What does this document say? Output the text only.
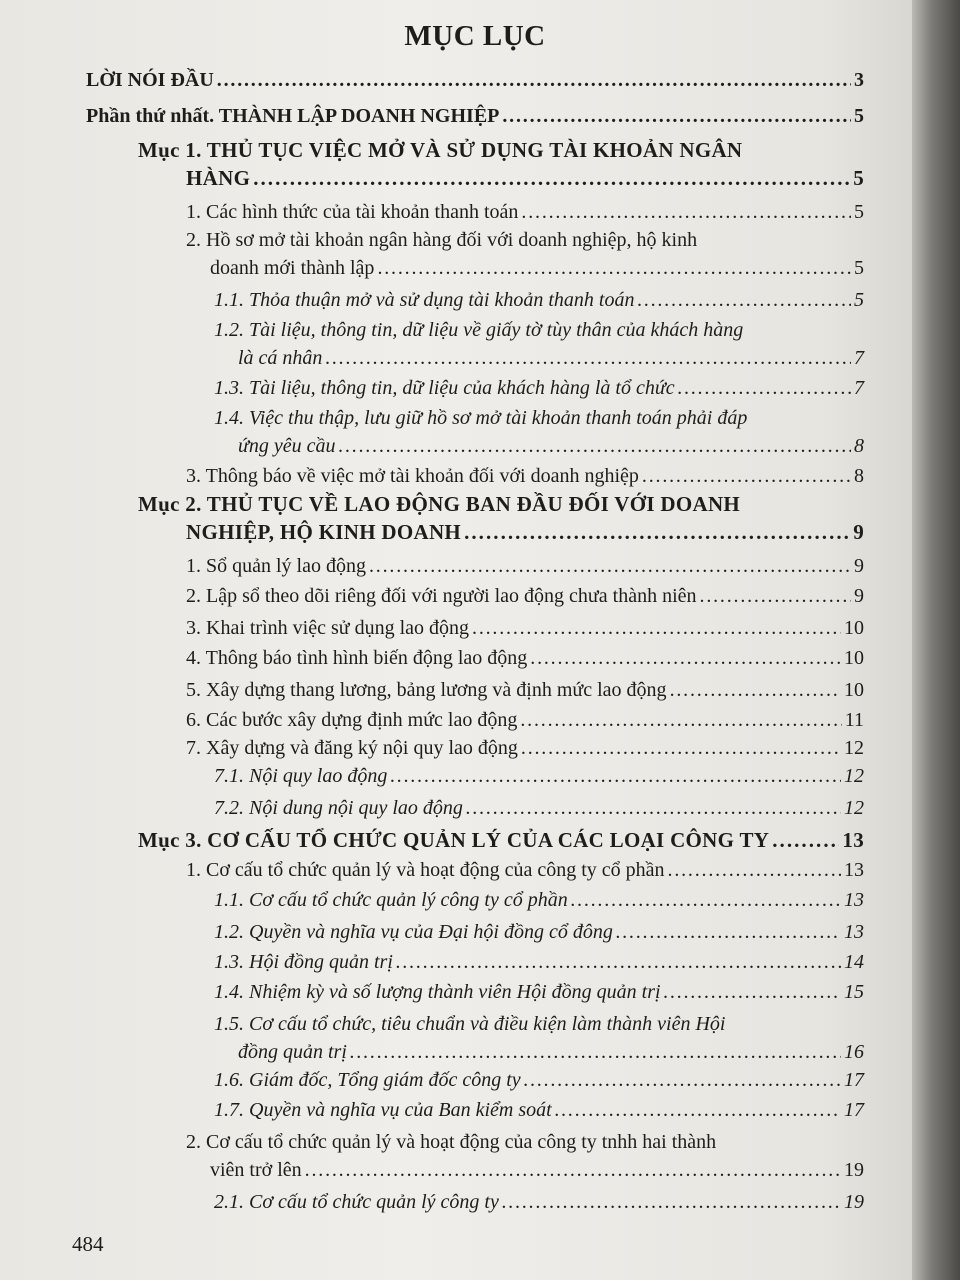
MỤC LỤC
LỜI NÓI ĐẦU . . .	3
Phần thứ nhất. THÀNH LẬP DOANH NGHIỆP . . .	5
Mục 1. THỦ TỤC VIỆC MỞ VÀ SỬ DỤNG TÀI KHOẢN NGÂN
HÀNG . . .	5
1. Các hình thức của tài khoản thanh toán . . .	5
2. Hồ sơ mở tài khoản ngân hàng đối với doanh nghiệp, hộ kinh
doanh mới thành lập . . .	5
1.1. Thỏa thuận mở và sử dụng tài khoản thanh toán . . .	5
1.2. Tài liệu, thông tin, dữ liệu về giấy tờ tùy thân của khách hàng
là cá nhân . . .	7
1.3. Tài liệu, thông tin, dữ liệu của khách hàng là tổ chức . . .	7
1.4. Việc thu thập, lưu giữ hồ sơ mở tài khoản thanh toán phải đáp
ứng yêu cầu . . .	8
3. Thông báo về việc mở tài khoản đối với doanh nghiệp . . .	8
Mục 2. THỦ TỤC VỀ LAO ĐỘNG BAN ĐẦU ĐỐI VỚI DOANH
NGHIỆP, HỘ KINH DOANH . . .	9
1. Sổ quản lý lao động . . .	9
2. Lập sổ theo dõi riêng đối với người lao động chưa thành niên . . .	9
3. Khai trình việc sử dụng lao động . . .	10
4. Thông báo tình hình biến động lao động . . .	10
5. Xây dựng thang lương, bảng lương và định mức lao động . . .	10
6. Các bước xây dựng định mức lao động . . .	11
7. Xây dựng và đăng ký nội quy lao động . . .	12
7.1. Nội quy lao động . . .	12
7.2. Nội dung nội quy lao động . . .	12
Mục 3. CƠ CẤU TỔ CHỨC QUẢN LÝ CỦA CÁC LOẠI CÔNG TY . . .	13
1. Cơ cấu tổ chức quản lý và hoạt động của công ty cổ phần . . .	13
1.1. Cơ cấu tổ chức quản lý công ty cổ phần . . .	13
1.2. Quyền và nghĩa vụ của Đại hội đồng cổ đông . . .	13
1.3. Hội đồng quản trị . . .	14
1.4. Nhiệm kỳ và số lượng thành viên Hội đồng quản trị . . .	15
1.5. Cơ cấu tổ chức, tiêu chuẩn và điều kiện làm thành viên Hội
đồng quản trị . . .	16
1.6. Giám đốc, Tổng giám đốc công ty . . .	17
1.7. Quyền và nghĩa vụ của Ban kiểm soát . . .	17
2. Cơ cấu tổ chức quản lý và hoạt động của công ty tnhh hai thành
viên trở lên . . .	19
2.1. Cơ cấu tổ chức quản lý công ty . . .	19
484
